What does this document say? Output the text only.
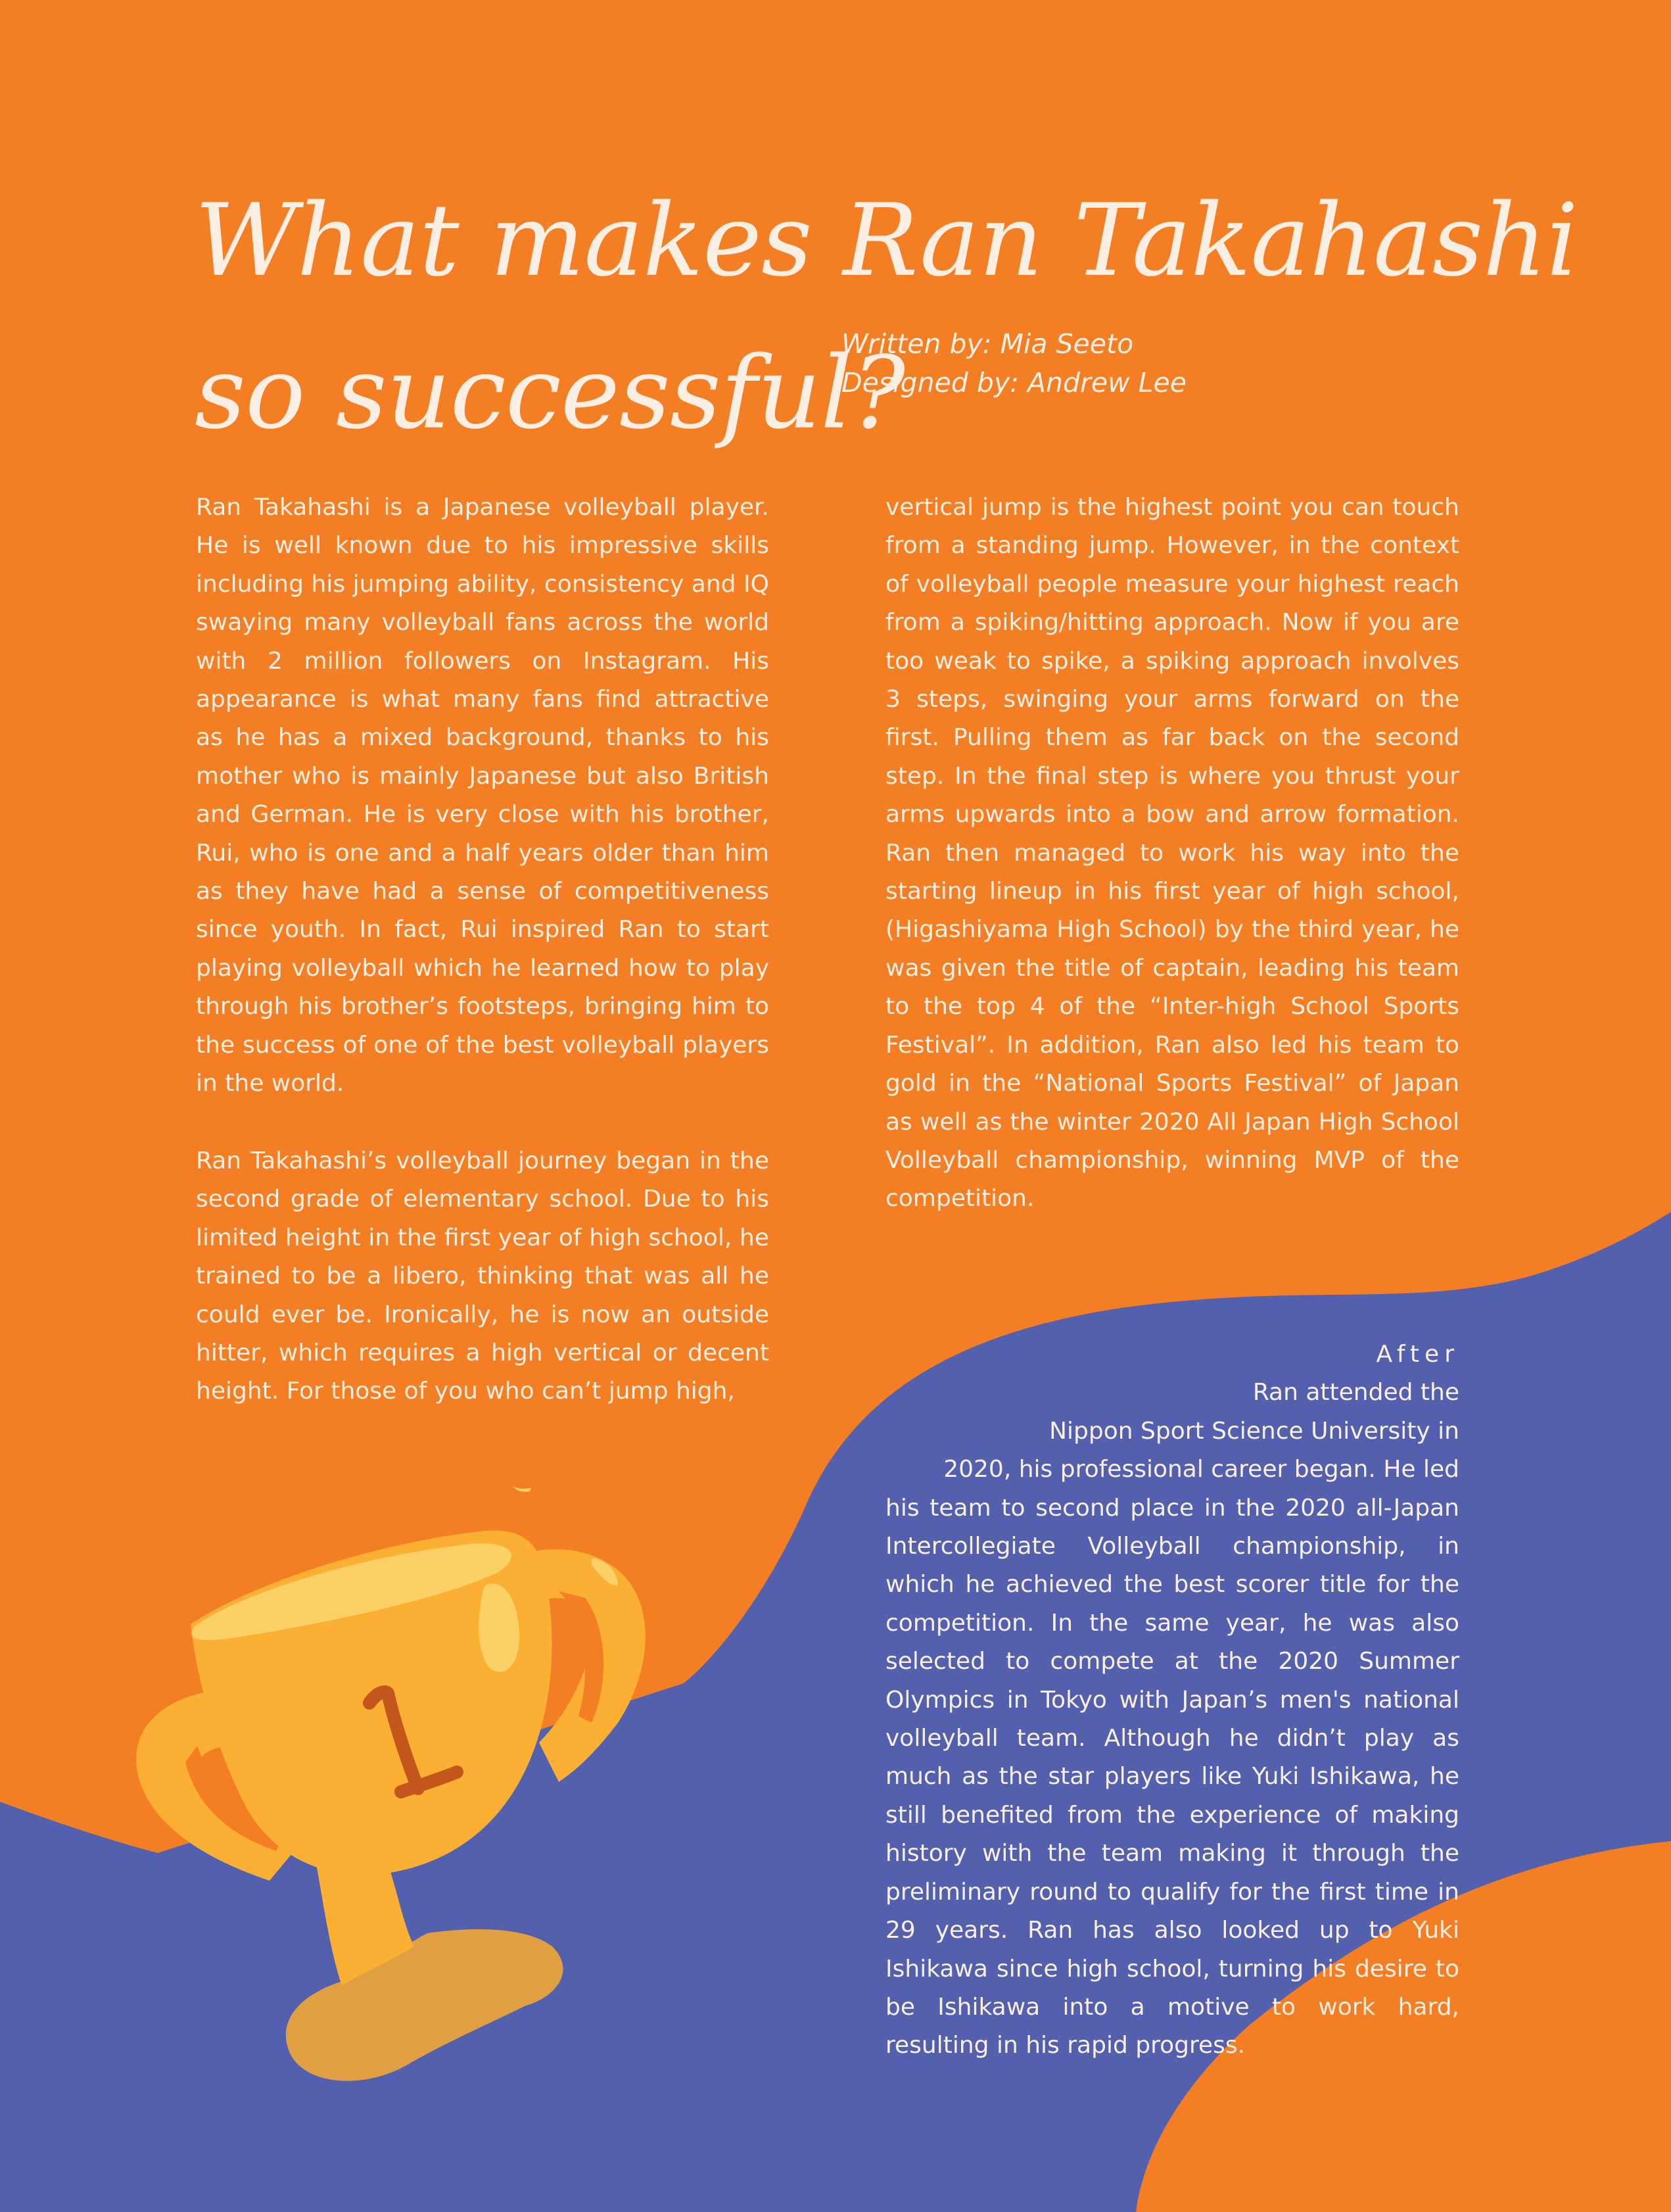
What makes Ran Takahashi
so successful?
Written by: Mia Seeto
Designed by: Andrew Lee

Ran Takahashi is a Japanese volleyball player. He is well known due to his impressive skills including his jumping ability, consistency and IQ swaying many volleyball fans across the world with 2 million followers on Instagram. His appearance is what many fans find attractive as he has a mixed background, thanks to his mother who is mainly Japanese but also British and German. He is very close with his brother, Rui, who is one and a half years older than him as they have had a sense of competitiveness since youth. In fact, Rui inspired Ran to start playing volleyball which he learned how to play through his brother’s footsteps, bringing him to the success of one of the best volleyball players in the world.

Ran Takahashi’s volleyball journey began in the second grade of elementary school. Due to his limited height in the first year of high school, he trained to be a libero, thinking that was all he could ever be. Ironically, he is now an outside hitter, which requires a high vertical or decent height. For those of you who can’t jump high,

vertical jump is the highest point you can touch from a standing jump. However, in the context of volleyball people measure your highest reach from a spiking/hitting approach. Now if you are too weak to spike, a spiking approach involves 3 steps, swinging your arms forward on the first. Pulling them as far back on the second step. In the final step is where you thrust your arms upwards into a bow and arrow formation. Ran then managed to work his way into the starting lineup in his first year of high school, (Higashiyama High School) by the third year, he was given the title of captain, leading his team to the top 4 of the “Inter-high School Sports Festival”. In addition, Ran also led his team to gold in the “National Sports Festival” of Japan as well as the winter 2020 All Japan High School Volleyball championship, winning MVP of the competition.

After
Ran attended the
Nippon Sport Science University in
2020, his professional career began. He led
his team to second place in the 2020 all-Japan Intercollegiate Volleyball championship, in which he achieved the best scorer title for the competition. In the same year, he was also selected to compete at the 2020 Summer Olympics in Tokyo with Japan’s men's national volleyball team. Although he didn’t play as much as the star players like Yuki Ishikawa, he still benefited from the experience of making history with the team making it through the preliminary round to qualify for the first time in 29 years. Ran has also looked up to Yuki Ishikawa since high school, turning his desire to be Ishikawa into a motive to work hard, resulting in his rapid progress.
